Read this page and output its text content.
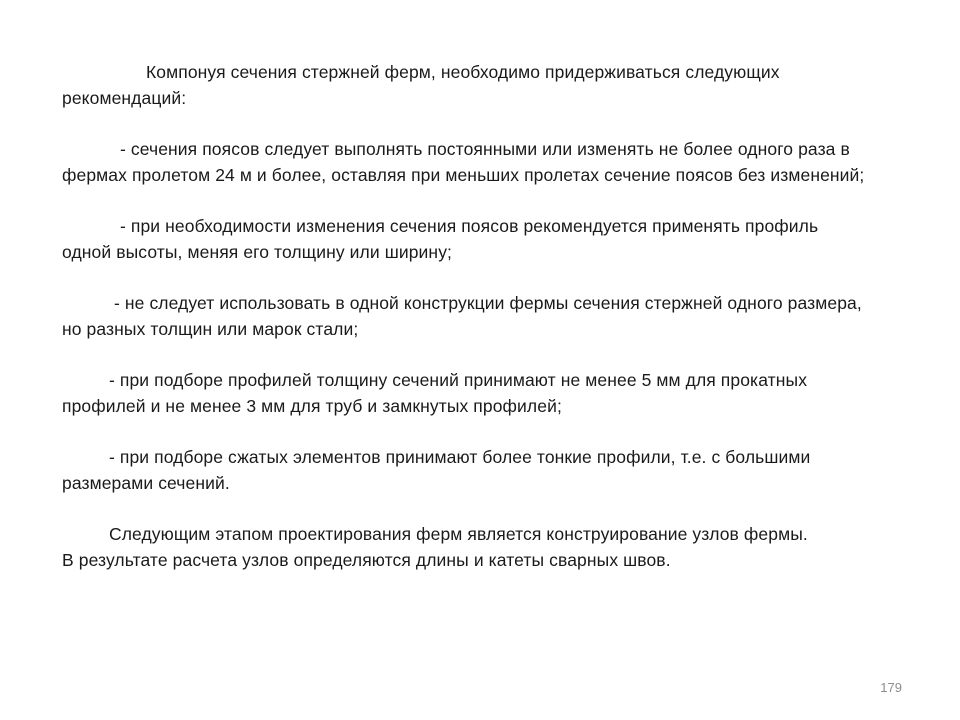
Компонуя сечения стержней ферм, необходимо придерживаться следующих
рекомендаций:

- сечения поясов следует выполнять постоянными или изменять не более одного раза в
фермах пролетом 24 м и более, оставляя при меньших пролетах сечение поясов без изменений;

- при необходимости изменения сечения поясов рекомендуется применять профиль
одной высоты, меняя его толщину или ширину;

- не следует использовать в одной конструкции фермы сечения стержней одного размера,
но разных толщин или марок стали;

- при подборе профилей толщину сечений принимают не менее 5 мм для прокатных
профилей и не менее 3 мм для труб и замкнутых профилей;

- при подборе сжатых элементов принимают более тонкие профили, т.е. с большими
размерами сечений.

Следующим этапом проектирования ферм является конструирование узлов фермы.
В результате расчета узлов определяются длины и катеты сварных швов.

179
